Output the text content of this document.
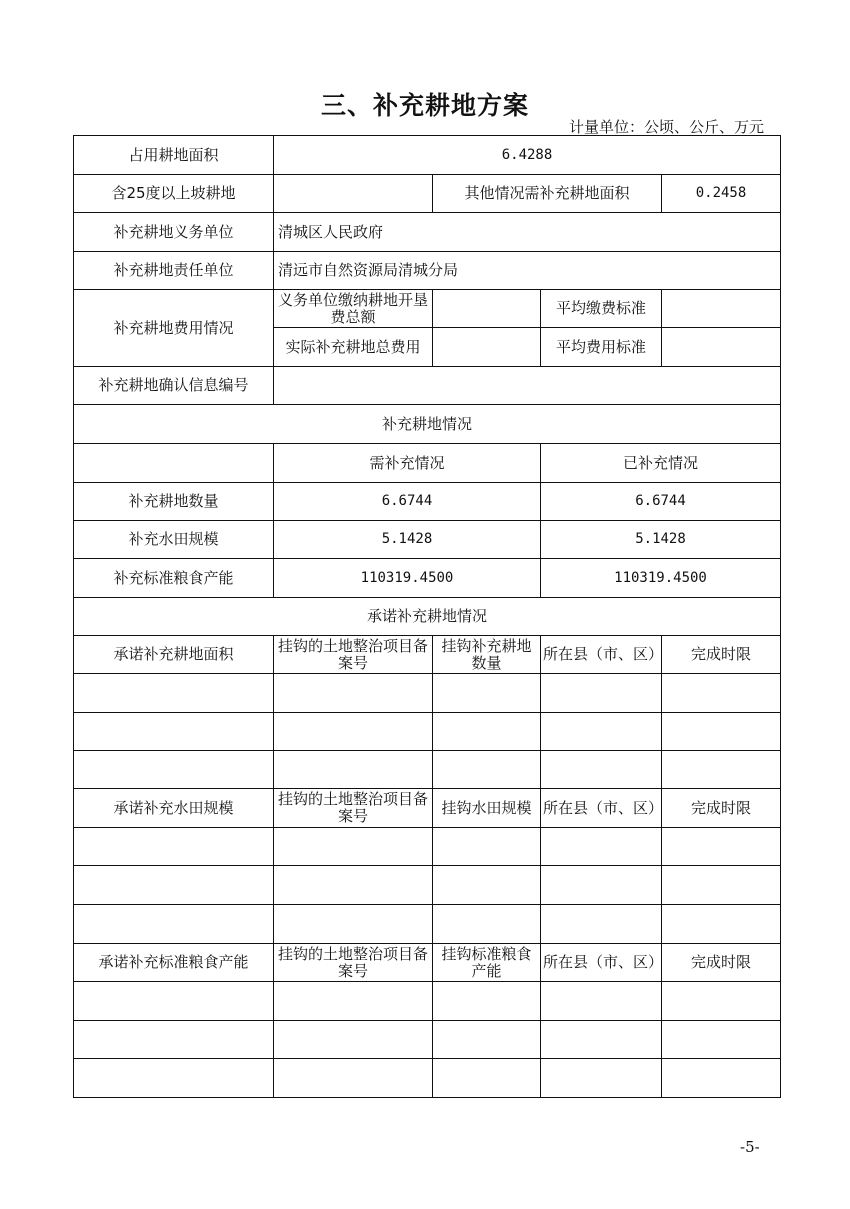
三、补充耕地方案
计量单位：公顷、公斤、万元
占用耕地面积	6.4288			
含25度以上坡耕地		其他情况需补充耕地面积		0.2458
补充耕地义务单位	清城区人民政府			
补充耕地责任单位	清远市自然资源局清城分局			
补充耕地费用情况	义务单位缴纳耕地开垦费总额		平均缴费标准	
	实际补充耕地总费用		平均费用标准	
补充耕地确认信息编号				
补充耕地情况				
	需补充情况		已补充情况	
补充耕地数量	6.6744		6.6744	
补充水田规模	5.1428		5.1428	
补充标准粮食产能	110319.4500		110319.4500	
承诺补充耕地情况				
承诺补充耕地面积	挂钩的土地整治项目备案号	挂钩补充耕地数量	所在县（市、区）	完成时限

承诺补充水田规模	挂钩的土地整治项目备案号	挂钩水田规模	所在县（市、区）	完成时限

承诺补充标准粮食产能	挂钩的土地整治项目备案号	挂钩标准粮食产能	所在县（市、区）	完成时限

-5-
